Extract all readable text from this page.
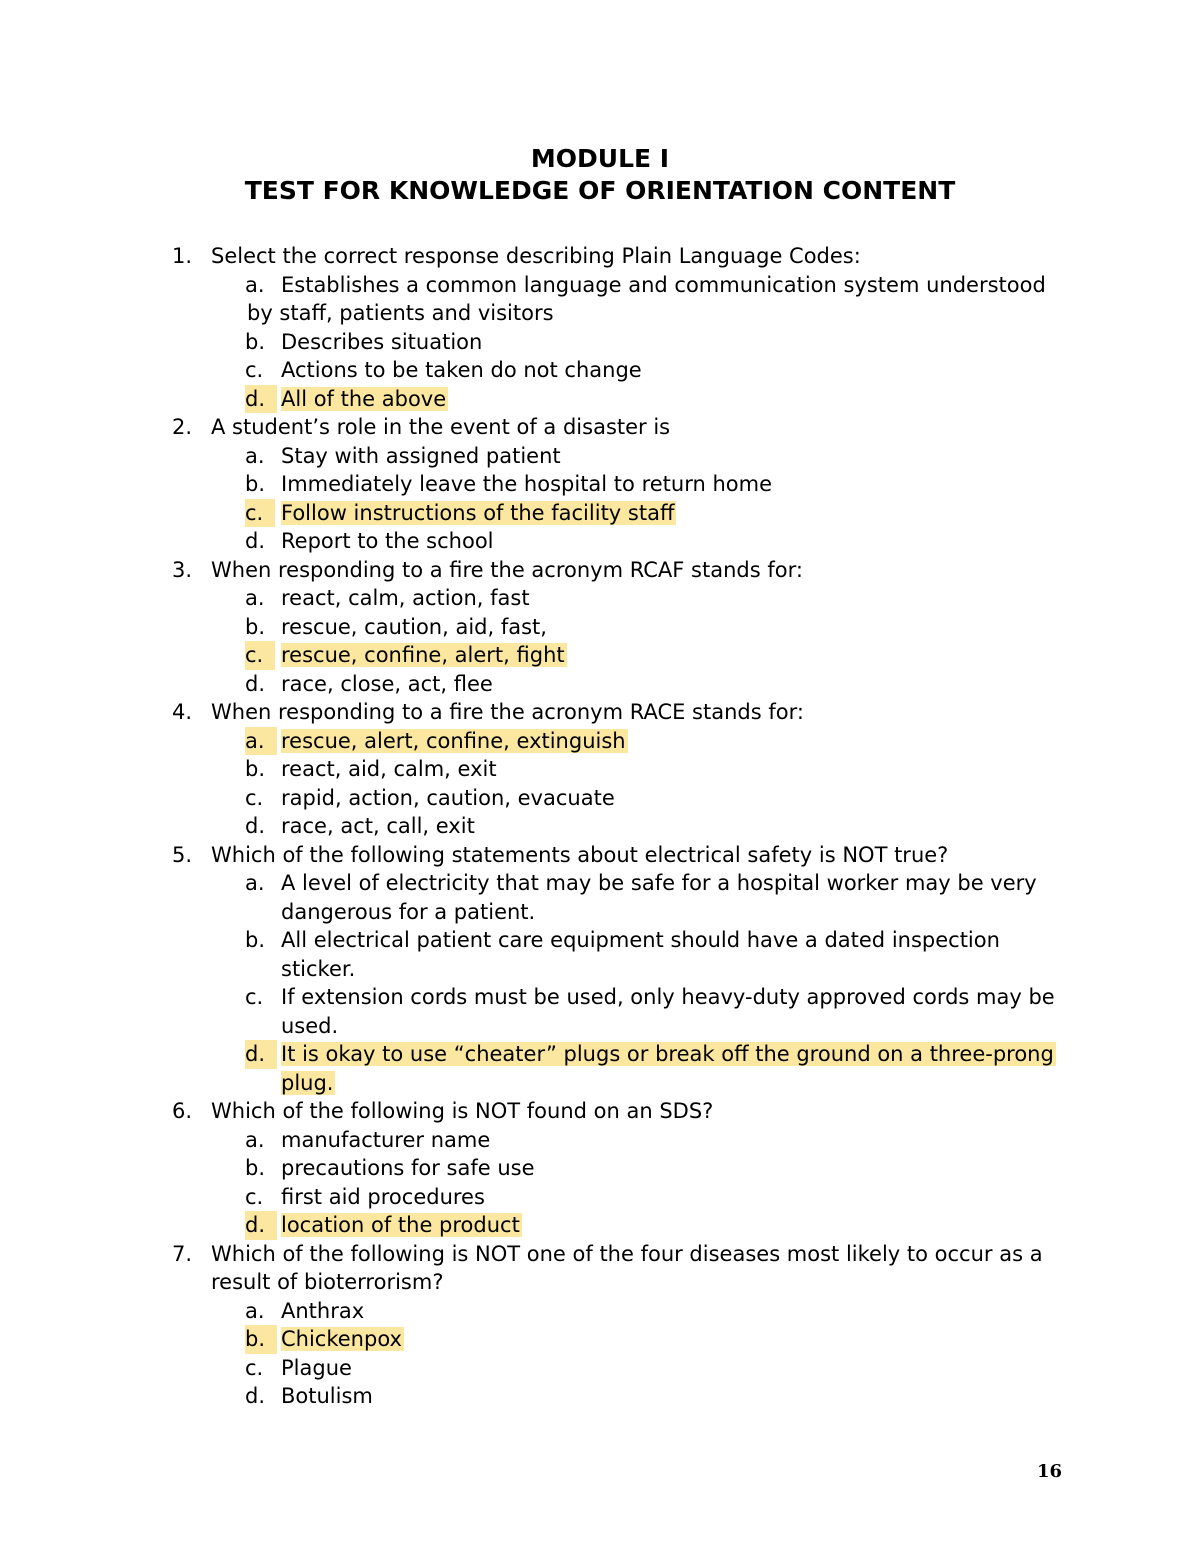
MODULE I
TEST FOR KNOWLEDGE OF ORIENTATION CONTENT
1. Select the correct response describing Plain Language Codes:
a. Establishes a common language and communication system understood
by staff, patients and visitors
b. Describes situation
c. Actions to be taken do not change
d. All of the above
2. A student’s role in the event of a disaster is
a. Stay with assigned patient
b. Immediately leave the hospital to return home
c. Follow instructions of the facility staff
d. Report to the school
3. When responding to a fire the acronym RCAF stands for:
a. react, calm, action, fast
b. rescue, caution, aid, fast,
c. rescue, confine, alert, fight
d. race, close, act, flee
4. When responding to a fire the acronym RACE stands for:
a. rescue, alert, confine, extinguish
b. react, aid, calm, exit
c. rapid, action, caution, evacuate
d. race, act, call, exit
5. Which of the following statements about electrical safety is NOT true?
a. A level of electricity that may be safe for a hospital worker may be very dangerous for a patient.
b. All electrical patient care equipment should have a dated inspection sticker.
c. If extension cords must be used, only heavy-duty approved cords may be used.
d. It is okay to use “cheater” plugs or break off the ground on a three-prong plug.
6. Which of the following is NOT found on an SDS?
a. manufacturer name
b. precautions for safe use
c. first aid procedures
d. location of the product
7. Which of the following is NOT one of the four diseases most likely to occur as a result of bioterrorism?
a. Anthrax
b. Chickenpox
c. Plague
d. Botulism
16
